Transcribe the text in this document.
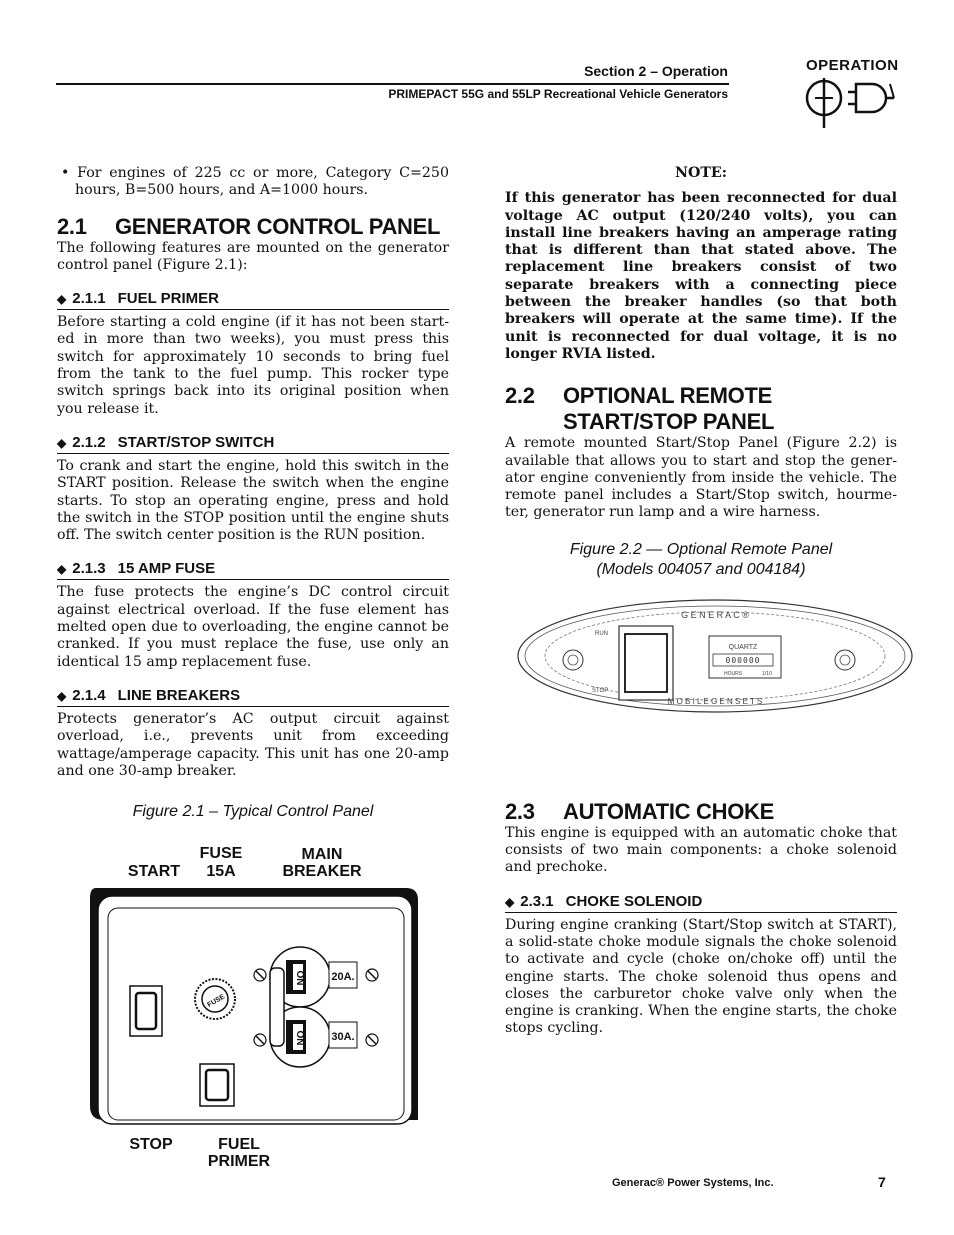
Section 2 – Operation
PRIMEPACT 55G and 55LP Recreational Vehicle Generators
OPERATION

• For engines of 225 cc or more, Category C=250 hours, B=500 hours, and A=1000 hours.

2.1 GENERATOR CONTROL PANEL

The following features are mounted on the generator control panel (Figure 2.1):

◆ 2.1.1 FUEL PRIMER

Before starting a cold engine (if it has not been start-ed in more than two weeks), you must press this switch for approximately 10 seconds to bring fuel from the tank to the fuel pump. This rocker type switch springs back into its original position when you release it.

◆ 2.1.2 START/STOP SWITCH

To crank and start the engine, hold this switch in the START position. Release the switch when the engine starts. To stop an operating engine, press and hold the switch in the STOP position until the engine shuts off. The switch center position is the RUN position.

◆ 2.1.3 15 AMP FUSE

The fuse protects the engine’s DC control circuit against electrical overload. If the fuse element has melted open due to overloading, the engine cannot be cranked. If you must replace the fuse, use only an identical 15 amp replacement fuse.

◆ 2.1.4 LINE BREAKERS

Protects generator’s AC output circuit against overload, i.e., prevents unit from exceeding wattage/amperage capacity. This unit has one 20-amp and one 30-amp breaker.

Figure 2.1 – Typical Control Panel

START
FUSE
15A
MAIN
BREAKER
ON
ON
20A.
30A.
FUSE
STOP	FUEL
PRIMER

NOTE:

If this generator has been reconnected for dual voltage AC output (120/240 volts), you can install line breakers having an amperage rating that is different than that stated above. The replacement line breakers consist of two separate breakers with a connecting piece between the breaker handles (so that both breakers will operate at the same time). If the unit is reconnected for dual voltage, it is no longer RVIA listed.

2.2 OPTIONAL REMOTE
START/STOP PANEL

A remote mounted Start/Stop Panel (Figure 2.2) is available that allows you to start and stop the gener-ator engine conveniently from inside the vehicle. The remote panel includes a Start/Stop switch, hourme-ter, generator run lamp and a wire harness.

Figure 2.2 — Optional Remote Panel

(Models 004057 and 004184)

2.3 AUTOMATIC CHOKE

This engine is equipped with an automatic choke that consists of two main components: a choke solenoid and prechoke.

◆ 2.3.1 CHOKE SOLENOID

During engine cranking (Start/Stop switch at START), a solid-state choke module signals the choke solenoid to activate and cycle (choke on/choke off) until the engine starts. The choke solenoid thus opens and closes the carburetor choke valve only when the engine is cranking. When the engine starts, the choke stops cycling.

G E N E R A C ®
M O B I L E G E N S E T S
RUN
STOP
QUARTZ
000000
HOURS	1/10
Generac® Power Systems, Inc.	7
